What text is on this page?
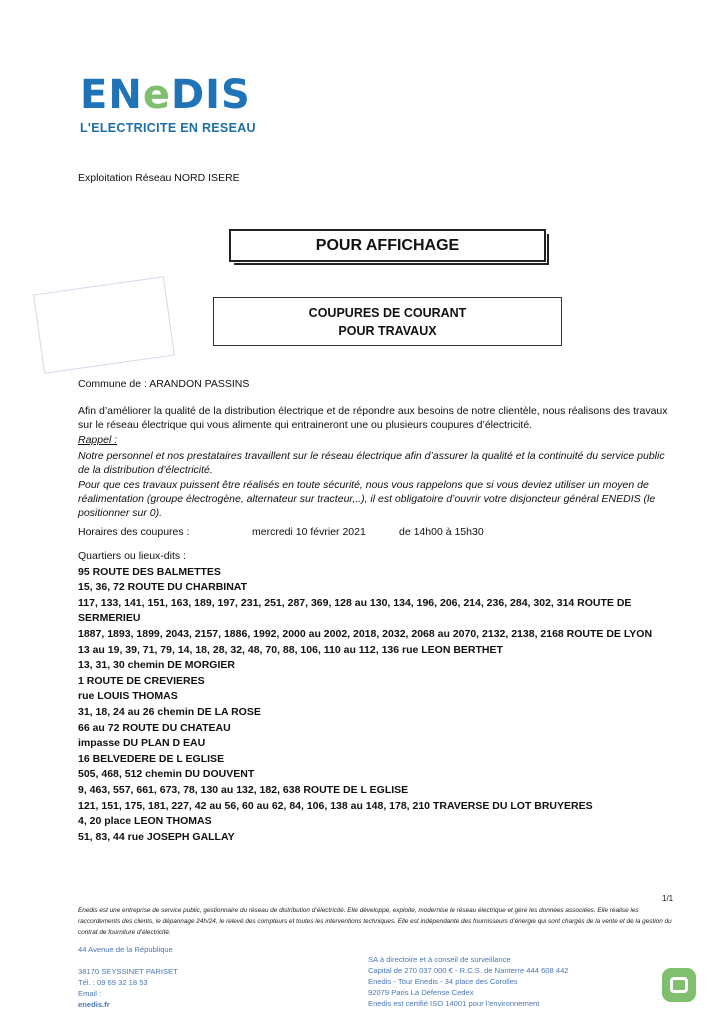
ENeDIS
L'ELECTRICITE EN RESEAU
Exploitation Réseau NORD ISERE
POUR AFFICHAGE
COUPURES DE COURANT
POUR TRAVAUX
Commune de : ARANDON PASSINS
Afin d’améliorer la qualité de la distribution électrique et de répondre aux besoins de notre clientèle, nous réalisons des travaux sur le réseau électrique qui vous alimente qui entraineront une ou plusieurs coupures d’électricité.
Rappel :
Notre personnel et nos prestataires travaillent sur le réseau électrique afin d’assurer la qualité et la continuité du service public de la distribution d’électricité.
Pour que ces travaux puissent être réalisés en toute sécurité, nous vous rappelons que si vous deviez utiliser un moyen de réalimentation (groupe électrogène, alternateur sur tracteur,..), il est obligatoire d’ouvrir votre disjoncteur général ENEDIS (le positionner sur 0).
Horaires des coupures :	mercredi 10 février 2021	de 14h00 à 15h30
Quartiers ou lieux-dits :
95 ROUTE DES BALMETTES
15, 36, 72 ROUTE DU CHARBINAT
117, 133, 141, 151, 163, 189, 197, 231, 251, 287, 369, 128 au 130, 134, 196, 206, 214, 236, 284, 302, 314 ROUTE DE SERMERIEU
1887, 1893, 1899, 2043, 2157, 1886, 1992, 2000 au 2002, 2018, 2032, 2068 au 2070, 2132, 2138, 2168 ROUTE DE LYON
13 au 19, 39, 71, 79, 14, 18, 28, 32, 48, 70, 88, 106, 110 au 112, 136 rue LEON BERTHET
13, 31, 30 chemin DE MORGIER
1 ROUTE DE CREVIERES
rue LOUIS THOMAS
31, 18, 24 au 26 chemin DE LA ROSE
66 au 72 ROUTE DU CHATEAU
impasse DU PLAN D EAU
16 BELVEDERE DE L EGLISE
505, 468, 512 chemin DU DOUVENT
9, 463, 557, 661, 673, 78, 130 au 132, 182, 638 ROUTE DE L EGLISE
121, 151, 175, 181, 227, 42 au 56, 60 au 62, 84, 106, 138 au 148, 178, 210 TRAVERSE DU LOT BRUYERES
4, 20 place LEON THOMAS
51, 83, 44 rue JOSEPH GALLAY
1/1
Enedis est une entreprise de service public, gestionnaire du réseau de distribution d’électricité. Elle développe, exploite, modernise le réseau électrique et gère les données associées. Elle réalise les raccordements des clients, le dépannage 24h/24, le relevé des compteurs et toutes les interventions techniques. Elle est indépendante des fournisseurs d’énergie qui sont chargés de la vente et de la gestion du contrat de fourniture d’électricité.
44 Avenue de la République

38170 SEYSSINET PARISET
Tél. : 09 69 32 18 53
Email :
enedis.fr
SA à directoire et à conseil de surveillance
Capital de 270 037 000 € - R.C.S. de Nanterre 444 608 442
Enedis - Tour Enedis - 34 place des Corolles
92079 Paris La Défense Cedex
Enedis est certifié ISO 14001 pour l’environnement
